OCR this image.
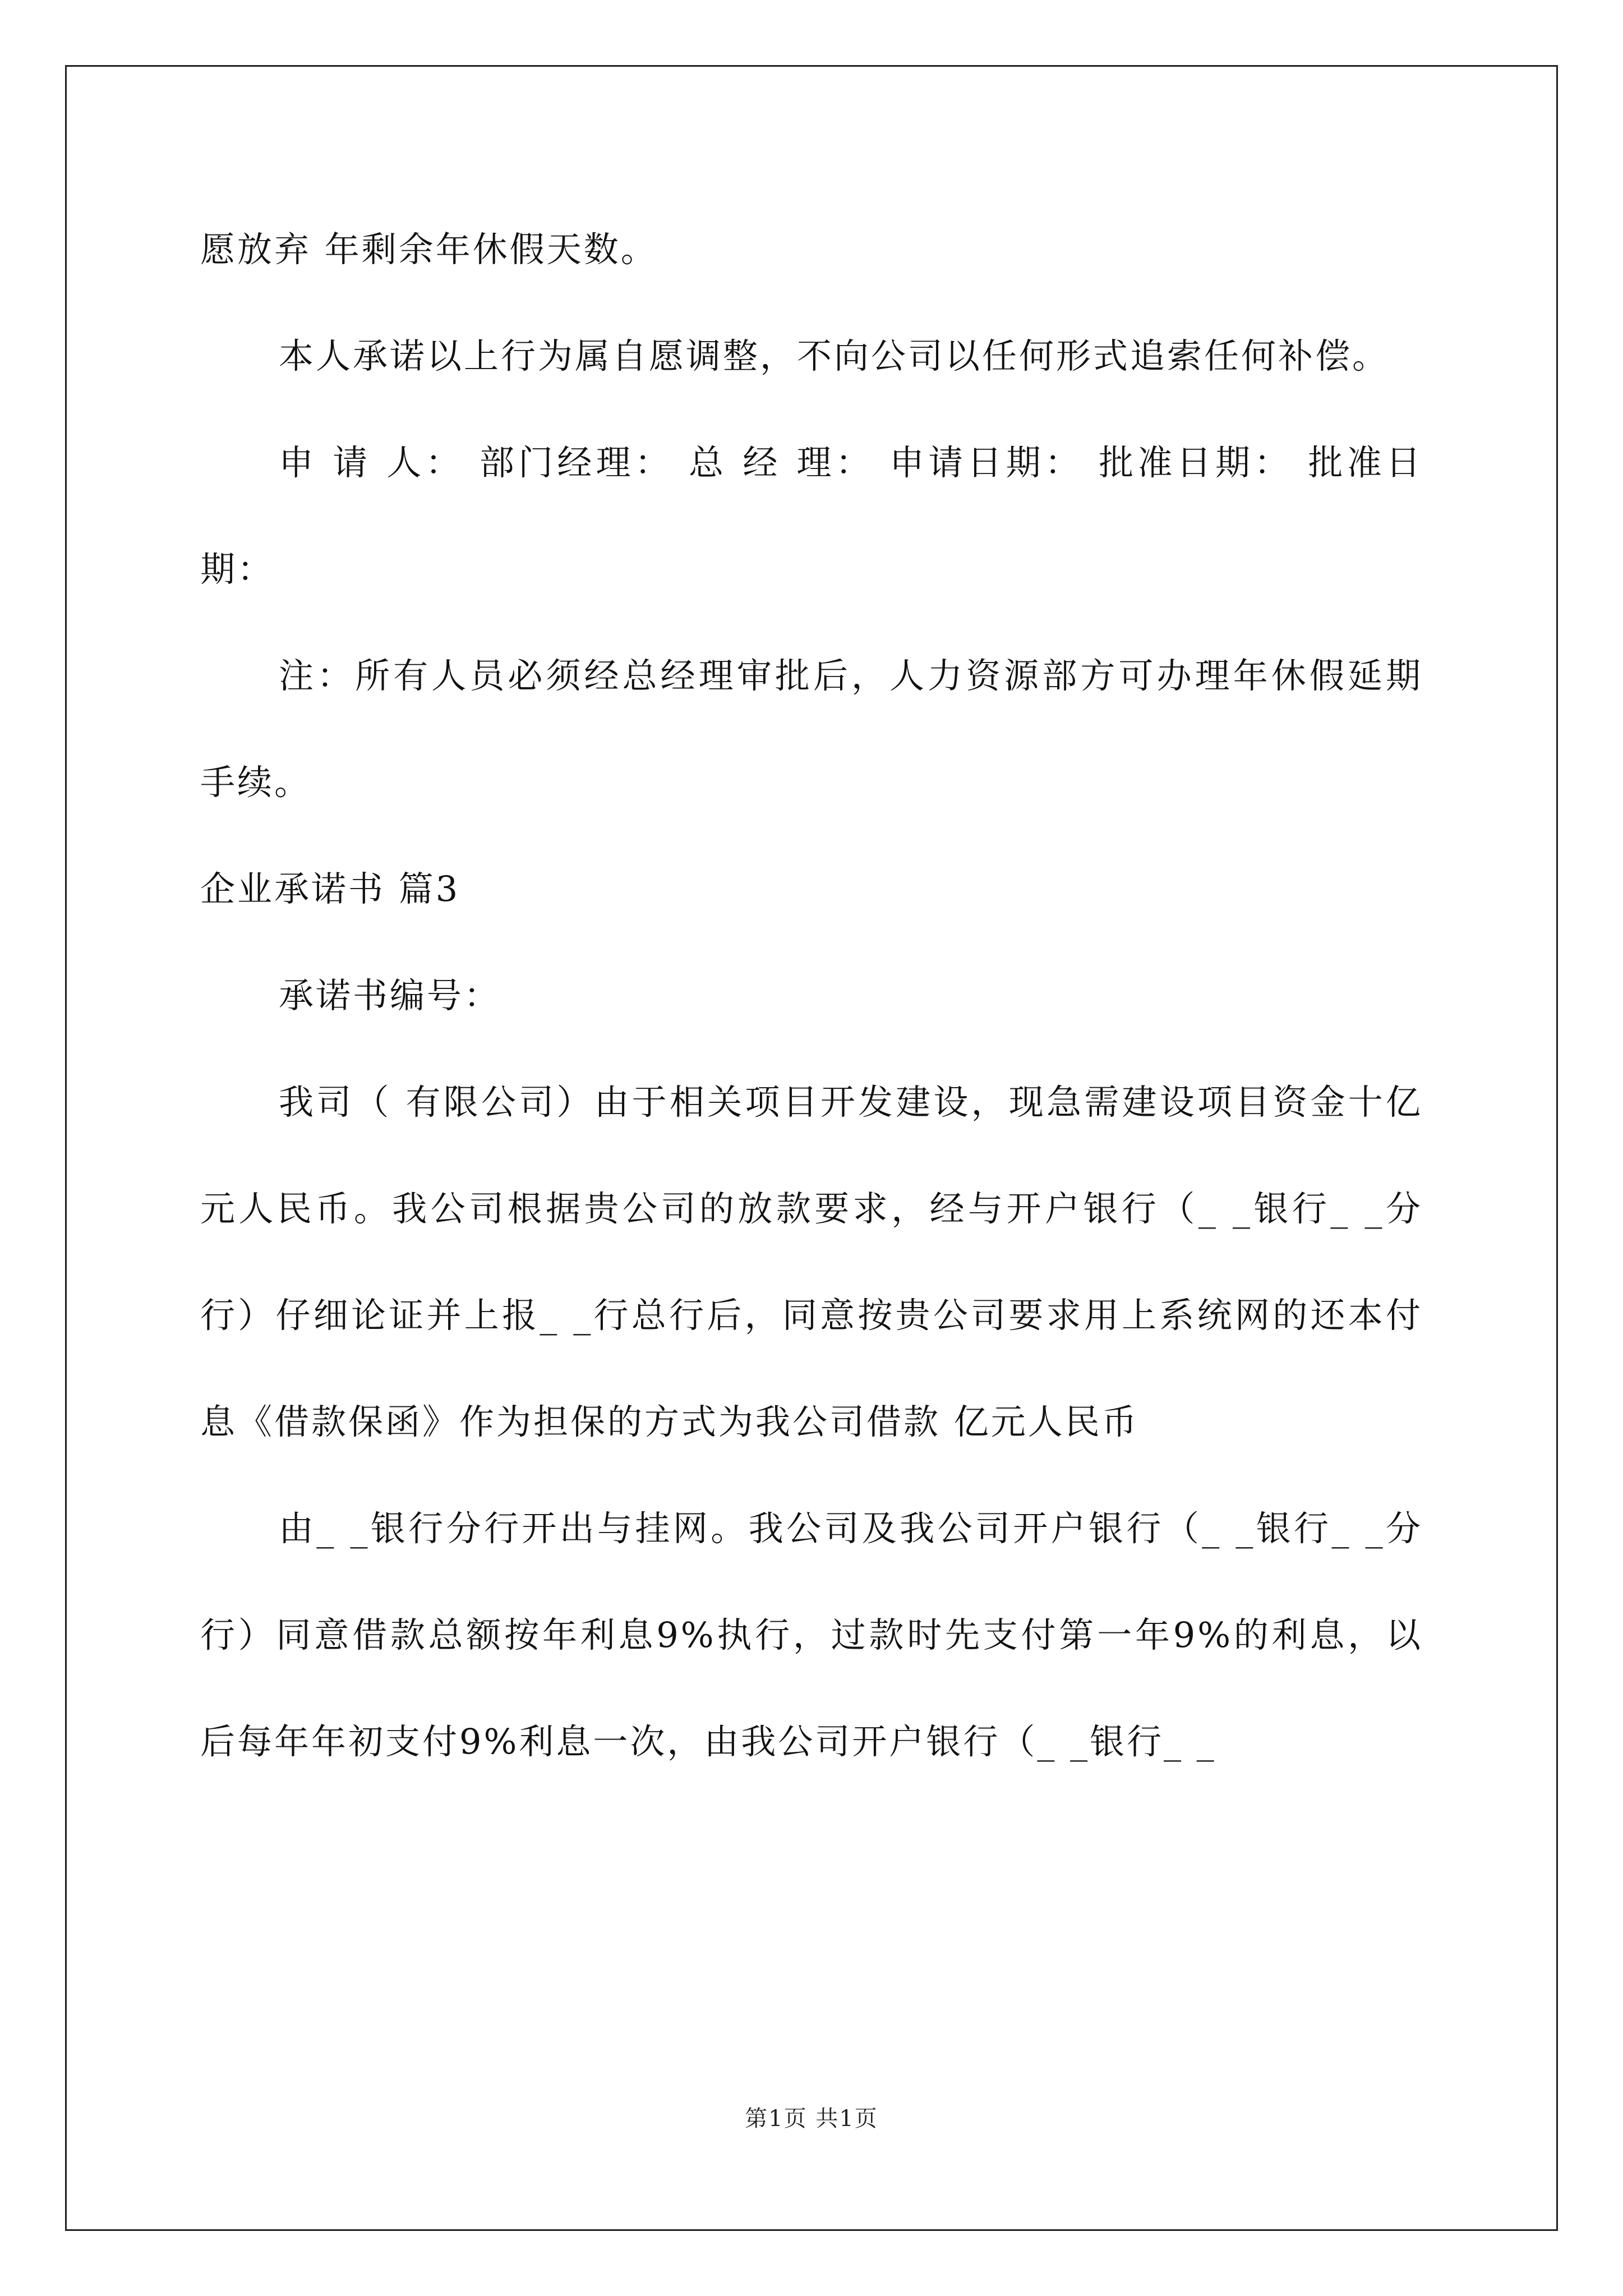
愿放弃 年剩余年休假天数。

本人承诺以上行为属自愿调整，不向公司以任何形式追索任何补偿。

申 请 人： 部门经理： 总 经 理： 申请日期： 批准日期： 批准日期：

注：所有人员必须经总经理审批后，人力资源部方可办理年休假延期手续。

企业承诺书 篇3

承诺书编号：

我司（ 有限公司）由于相关项目开发建设，现急需建设项目资金十亿元人民币。我公司根据贵公司的放款要求，经与开户银行（_ _银行_ _分行）仔细论证并上报_ _行总行后，同意按贵公司要求用上系统网的还本付息《借款保函》作为担保的方式为我公司借款 亿元人民币

由_ _银行分行开出与挂网。我公司及我公司开户银行（_ _银行_ _分行）同意借款总额按年利息9%执行，过款时先支付第一年9%的利息，以后每年年初支付9%利息一次，由我公司开户银行（_ _银行_ _

第1页 共1页
